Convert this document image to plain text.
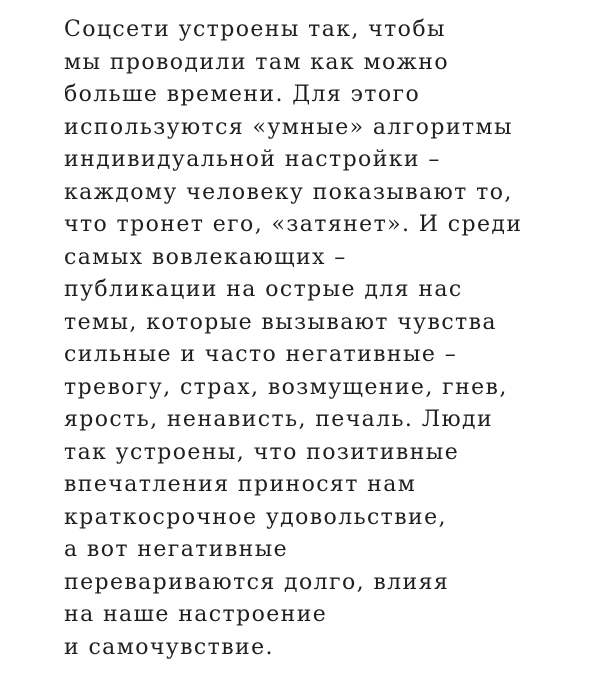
Соцсети устроены так, чтобы
мы проводили там как можно
больше времени. Для этого
используются «умные» алгоритмы
индивидуальной настройки –
каждому человеку показывают то,
что тронет его, «затянет». И среди
самых вовлекающих –
публикации на острые для нас
темы, которые вызывают чувства
сильные и часто негативные –
тревогу, страх, возмущение, гнев,
ярость, ненависть, печаль. Люди
так устроены, что позитивные
впечатления приносят нам
краткосрочное удовольствие,
а вот негативные
перевариваются долго, влияя
на наше настроение
и самочувствие.
